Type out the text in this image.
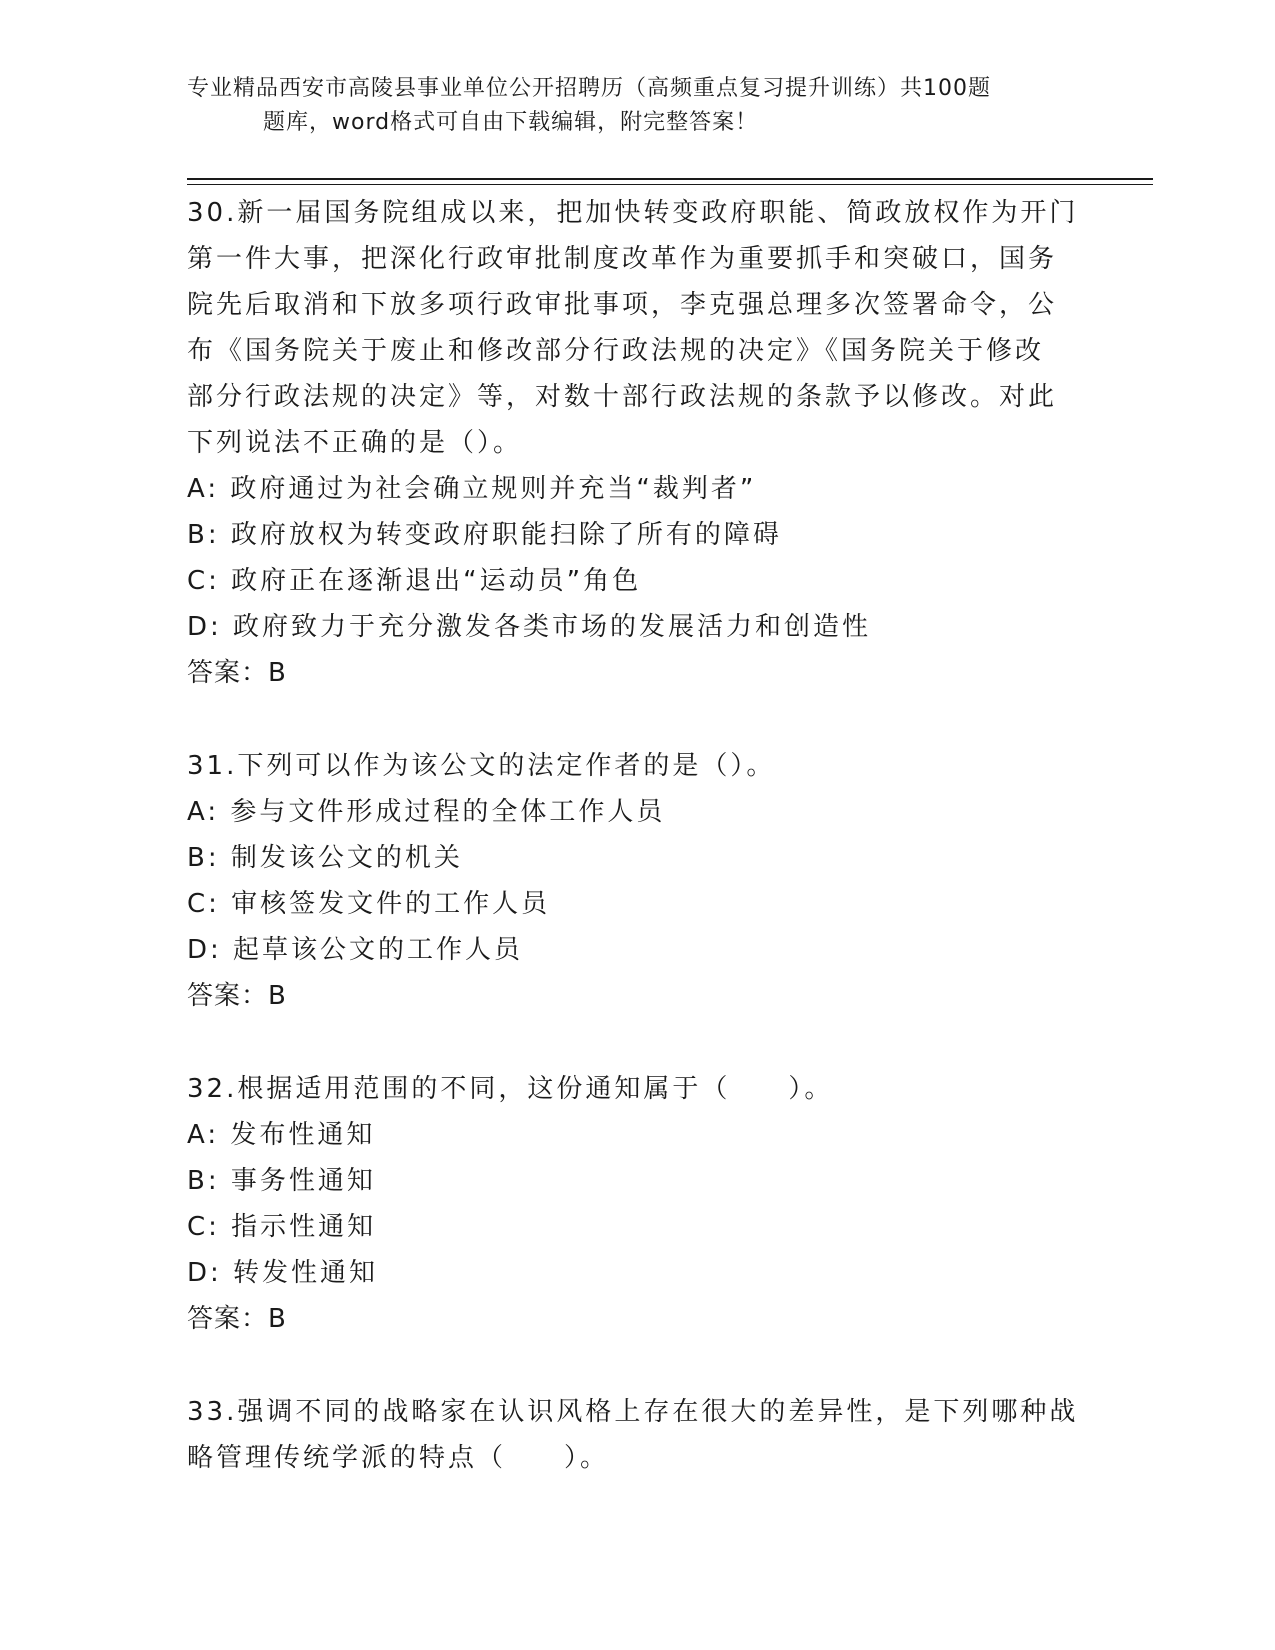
专业精品西安市高陵县事业单位公开招聘历（高频重点复习提升训练）共100题
题库，word格式可自由下载编辑，附完整答案！
30.新一届国务院组成以来，把加快转变政府职能、简政放权作为开门
第一件大事，把深化行政审批制度改革作为重要抓手和突破口，国务
院先后取消和下放多项行政审批事项，李克强总理多次签署命令，公
布《国务院关于废止和修改部分行政法规的决定》《国务院关于修改
部分行政法规的决定》等，对数十部行政法规的条款予以修改。对此
下列说法不正确的是（）。
A: 政府通过为社会确立规则并充当“裁判者”
B: 政府放权为转变政府职能扫除了所有的障碍
C: 政府正在逐渐退出“运动员”角色
D: 政府致力于充分激发各类市场的发展活力和创造性
答案：B
31.下列可以作为该公文的法定作者的是（）。
A: 参与文件形成过程的全体工作人员
B: 制发该公文的机关
C: 审核签发文件的工作人员
D: 起草该公文的工作人员
答案：B
32.根据适用范围的不同，这份通知属于（　　）。
A: 发布性通知
B: 事务性通知
C: 指示性通知
D: 转发性通知
答案：B
33.强调不同的战略家在认识风格上存在很大的差异性，是下列哪种战
略管理传统学派的特点（　　）。
